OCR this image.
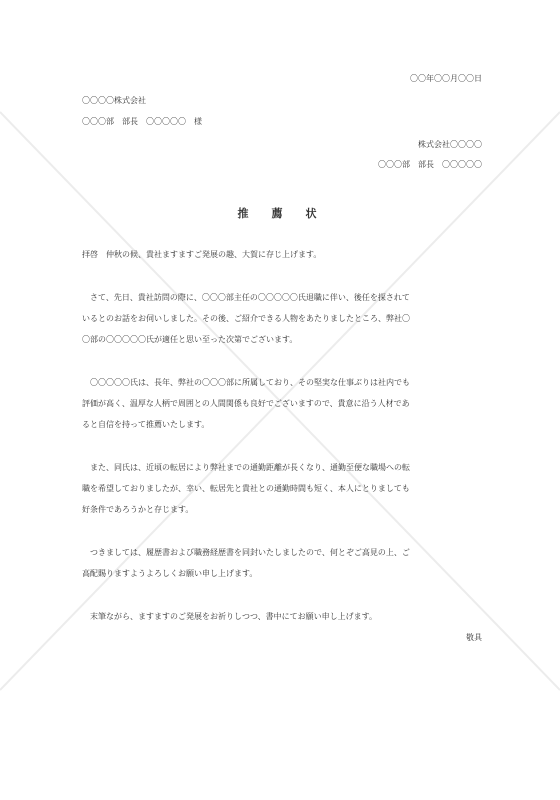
〇〇年〇〇月〇〇日
〇〇〇〇株式会社
〇〇〇部　部長　〇〇〇〇〇　様
株式会社〇〇〇〇
〇〇〇部　部長　〇〇〇〇〇
推　薦　状
拝啓　仲秋の候、貴社ますますご発展の趣、大賀に存じ上げます。
　さて、先日、貴社訪問の際に、〇〇〇部主任の〇〇〇〇〇氏退職に伴い、後任を探されて
いるとのお話をお伺いしました。その後、ご紹介できる人物をあたりましたところ、弊社〇
〇部の〇〇〇〇〇氏が適任と思い至った次第でございます。
　〇〇〇〇〇氏は、長年、弊社の〇〇〇部に所属しており、その堅実な仕事ぶりは社内でも
評価が高く、温厚な人柄で周囲との人間関係も良好でございますので、貴意に沿う人材であ
ると自信を持って推薦いたします。
　また、同氏は、近頃の転居により弊社までの通勤距離が長くなり、通勤至便な職場への転
職を希望しておりましたが、幸い、転居先と貴社との通勤時間も短く、本人にとりましても
好条件であろうかと存じます。
　つきましては、履歴書および職務経歴書を同封いたしましたので、何とぞご高見の上、ご
高配賜りますようよろしくお願い申し上げます。
　末筆ながら、ますますのご発展をお祈りしつつ、書中にてお願い申し上げます。
敬具
